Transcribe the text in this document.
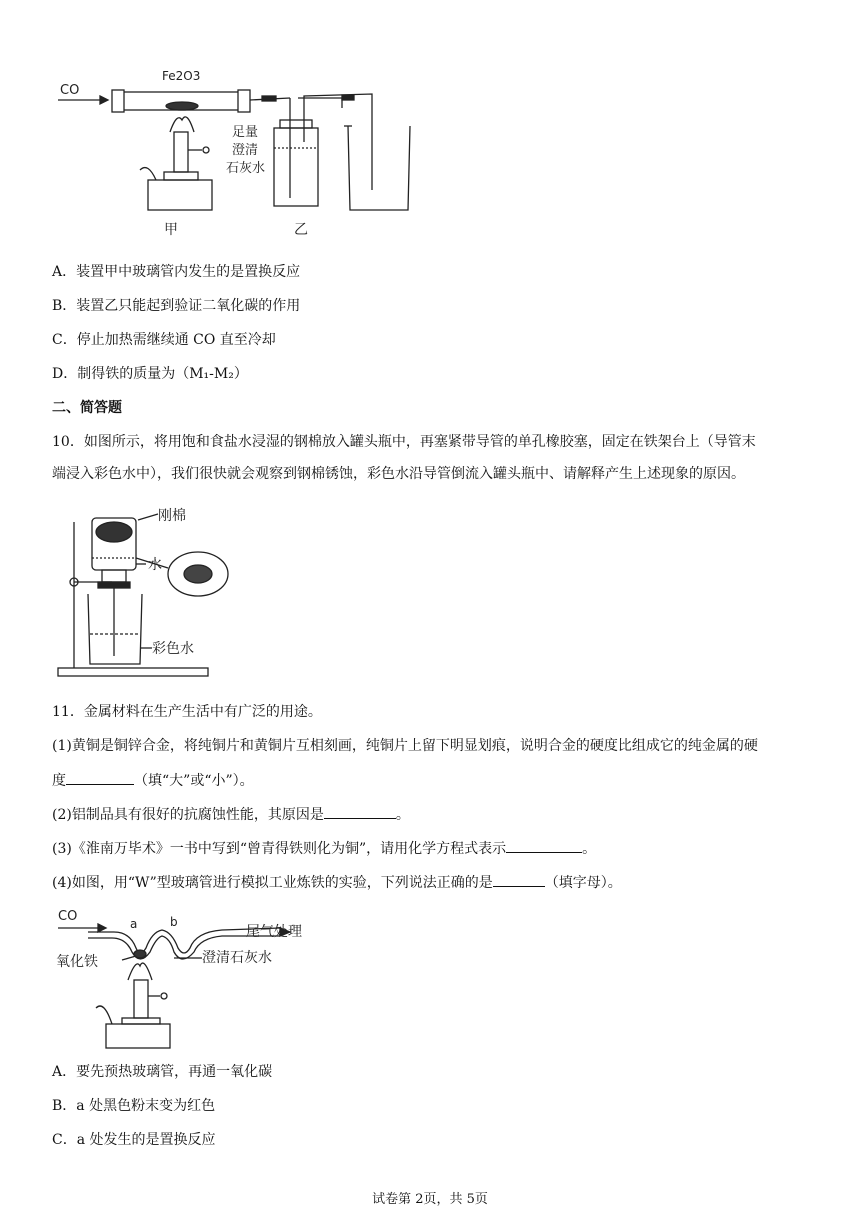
CO
Fe2O3
足量
澄清
石灰水
甲	乙
A．装置甲中玻璃管内发生的是置换反应
B．装置乙只能起到验证二氧化碳的作用
C．停止加热需继续通 CO 直至冷却
D．制得铁的质量为（M₁-M₂）
二、简答题
10．如图所示，将用饱和食盐水浸湿的钢棉放入罐头瓶中，再塞紧带导管的单孔橡胶塞，固定在铁架台上（导管末
端浸入彩色水中），我们很快就会观察到钢棉锈蚀，彩色水沿导管倒流入罐头瓶中、请解释产生上述现象的原因。
刚棉
水
彩色水
11．金属材料在生产生活中有广泛的用途。
(1)黄铜是铜锌合金，将纯铜片和黄铜片互相刻画，纯铜片上留下明显划痕，说明合金的硬度比组成它的纯金属的硬
度	（填“大”或“小”）。
(2)铝制品具有很好的抗腐蚀性能，其原因是	。
(3)《淮南万毕术》一书中写到“曾青得铁则化为铜”，请用化学方程式表示	。
(4)如图，用“W”型玻璃管进行模拟工业炼铁的实验，下列说法正确的是	（填字母）。
CO	a	b
尾气处理
氧化铁	澄清石灰水
A．要先预热玻璃管，再通一氧化碳
B．a 处黑色粉末变为红色
C．a 处发生的是置换反应
试卷第 2页，共 5页
